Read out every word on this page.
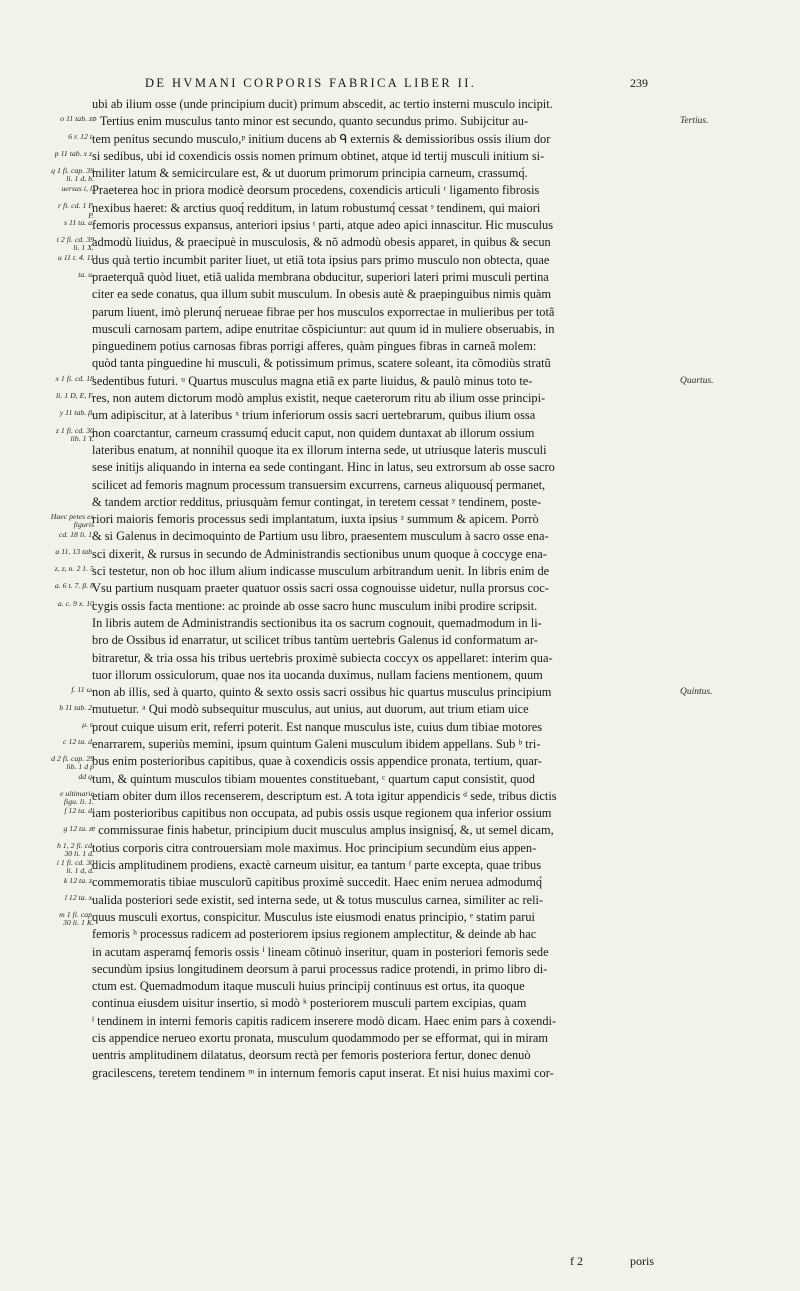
DE HVMANI CORPORIS FABRICA LIBER II.	239
ubi ab ilium osse (unde principium ducit) primum abscedit, ac tertio insterni musculo incipit.
° Tertius enim musculus tanto minor est secundo, quanto secundus primo. Subijcitur au-
tem penitus secundo musculo,ᵖ initium ducens ab ᑫ externis & demissioribus ossis ilium dor
si sedibus, ubi id coxendicis ossis nomen primum obtinet, atque id tertij musculi initium si-
militer latum & semicirculare est, & ut duorum primorum principia carneum, crassumq́.
Praeterea hoc in priora modicè deorsum procedens, coxendicis articuli ʳ ligamento fibrosis
nexibus haeret: & arctius quoq́ redditum, in latum robustumq́ cessat ˢ tendinem, qui maiori
femoris processus expansus, anteriori ipsius ᵗ parti, atque adeo apici innascitur. Hic musculus
admodù liuidus, & praecipuè in musculosis, & nõ admodù obesis apparet, in quibus & secun
dus quà tertio incumbit pariter liuet, ut etiã tota ipsius pars primo musculo non obtecta, quae
praeterquã quòd liuet, etiã ualida membrana obducitur, superiori lateri primi musculi pertina
citer ea sede conatus, qua illum subit musculum. In obesis autè & praepinguibus nimis quàm
parum liuent, imò plerunq́ nerueae fibrae per hos musculos exporrectae in mulieribus per totã
musculi carnosam partem, adipe enutritae cõspiciuntur: aut quum id in muliere obseruabis, in
pinguedinem potius carnosas fibras porrigi afferes, quàm pingues fibras in carneã molem:
quòd tanta pinguedine hi musculi, & potissimum primus, scatere soleant, ita cõmodiùs stratũ
sedentibus futuri. ᵘ Quartus musculus magna etiã ex parte liuidus, & paulò minus toto te-
res, non autem dictorum modò amplus existit, neque caeterorum ritu ab ilium osse principi-
um adipiscitur, at à lateribus ˣ trium inferiorum ossis sacri uertebrarum, quibus ilium ossa
non coarctantur, carneum crassumq́ educit caput, non quidem duntaxat ab illorum ossium
lateribus enatum, at nonnihil quoque ita ex illorum interna sede, ut utriusque lateris musculi
sese initijs aliquando in interna ea sede contingant. Hinc in latus, seu extrorsum ab osse sacro
scilicet ad femoris magnum processum transuersim excurrens, carneus aliquousq́ permanet,
& tandem arctior redditus, priusquàm femur contingat, in teretem cessat ʸ tendinem, poste-
riori maioris femoris processus sedi implantatum, iuxta ipsius ᶻ summum & apicem. Porrò
& si Galenus in decimoquinto de Partium usu libro, praesentem musculum à sacro osse ena-
sci dixerit, & rursus in secundo de Administrandis sectionibus unum quoque à coccyge ena-
sci testetur, non ob hoc illum alium indicasse musculum arbitrandum uenit. In libris enim de
Vsu partium nusquam praeter quatuor ossis sacri ossa cognouisse uidetur, nulla prorsus coc-
cygis ossis facta mentione: ac proinde ab osse sacro hunc musculum inibi prodire scripsit.
In libris autem de Administrandis sectionibus ita os sacrum cognouit, quemadmodum in li-
bro de Ossibus id enarratur, ut scilicet tribus tantùm uertebris Galenus id conformatum ar-
bitraretur, & tria ossa his tribus uertebris proximè subiecta coccyx os appellaret: interim qua-
tuor illorum ossiculorum, quae nos ita uocanda duximus, nullam faciens mentionem, quum
non ab illis, sed à quarto, quinto & sexto ossis sacri ossibus hic quartus musculus principium
mutuetur. ᵃ Qui modò subsequitur musculus, aut unius, aut duorum, aut trium etiam uice
prout cuique uisum erit, referri poterit. Est nanque musculus iste, cuius dum tibiae motores
enarrarem, superiùs memini, ipsum quintum Galeni musculum ibidem appellans. Sub ᵇ tri-
bus enim posterioribus capitibus, quae à coxendicis ossis appendice pronata, tertium, quar-
tum, & quintum musculos tibiam mouentes constituebant, ᶜ quartum caput consistit, quod
etiam obiter dum illos recenserem, descriptum est. A tota igitur appendicis ᵈ sede, tribus dictis
iam posterioribus capitibus non occupata, ad pubis ossis usque regionem qua inferior ossium
ᵉ commissurae finis habetur, principium ducit musculus amplus insignisq́, &, ut semel dicam,
totius corporis citra controuersiam mole maximus. Hoc principium secundùm eius appen-
dicis amplitudinem prodiens, exactè carneum uisitur, ea tantum ᶠ parte excepta, quae tribus
commemoratis tibiae musculorũ capitibus proximè succedit. Haec enim neruea admodumq́
ualida posteriori sede existit, sed interna sede, ut & totus musculus carnea, similiter ac reli-
quus musculi exortus, conspicitur. Musculus iste eiusmodi enatus principio, ᵉ statim parui
femoris ʰ processus radicem ad posteriorem ipsius regionem amplectitur, & deinde ab hac
in acutam asperamq́ femoris ossis ⁱ lineam cõtinuò inseritur, quam in posteriori femoris sede
secundùm ipsius longitudinem deorsum à parui processus radice protendi, in primo libro di-
ctum est. Quemadmodum itaque musculi huius principij continuus est ortus, ita quoque
continua eiusdem uisitur insertio, si modò ᵏ posteriorem musculi partem excipias, quam
ˡ tendinem in interni femoris capitis radicem inserere modò dicam. Haec enim pars à coxendi-
cis appendice nerueo exortu pronata, musculum quodammodo per se efformat, qui in miram
uentris amplitudinem dilatatus, deorsum rectà per femoris posteriora fertur, donec denuò
gracilescens, teretem tendinem ᵐ in internum femoris caput inserat. Et nisi huius maximi cor-
o 11 tab. z.
6 r. 12 t.
p 11 tab. x z.
q 1 fi. cap. 39 li. 1 d, b.
uersus i, l.
r fi. cd. 1 P,
P.
s 11 ta. a.
t 2 fi. cd. 39 li. 1 X.
u 11 t. 4. 11
ta. u.
x 1 fi. cd. 18
li. 1 D, E, F.
y 11 tab. β.
z 1 fi. cd. 30 lib. 1 Y.
Haec petes ex figuris
cd. 18 li. 1.
a 11, 13 tab.
z, z, n. 2 1. 5
a. 6 t. 7. β. 8
a. c. 9 x. 10
f. 11 ω.
b 11 tab. 2.
μ. r.
c 12 ta. d.
d 2 fi. cap. 29 lib. 1 d p
dd q.
e ultimarie figu. li. 1.
f 12 ta. d.
g 12 ta. z.
h 1, 2 fi. cd. 30 li. 1 d.
i 1 fi. cd. 30 li. 1 d, d.
k 12 ta. z.
l 12 ta. x.
m 1 fi. cap. 30 li. 1 K.
Tertius.
Quartus.
Quintus.
f 2	poris
